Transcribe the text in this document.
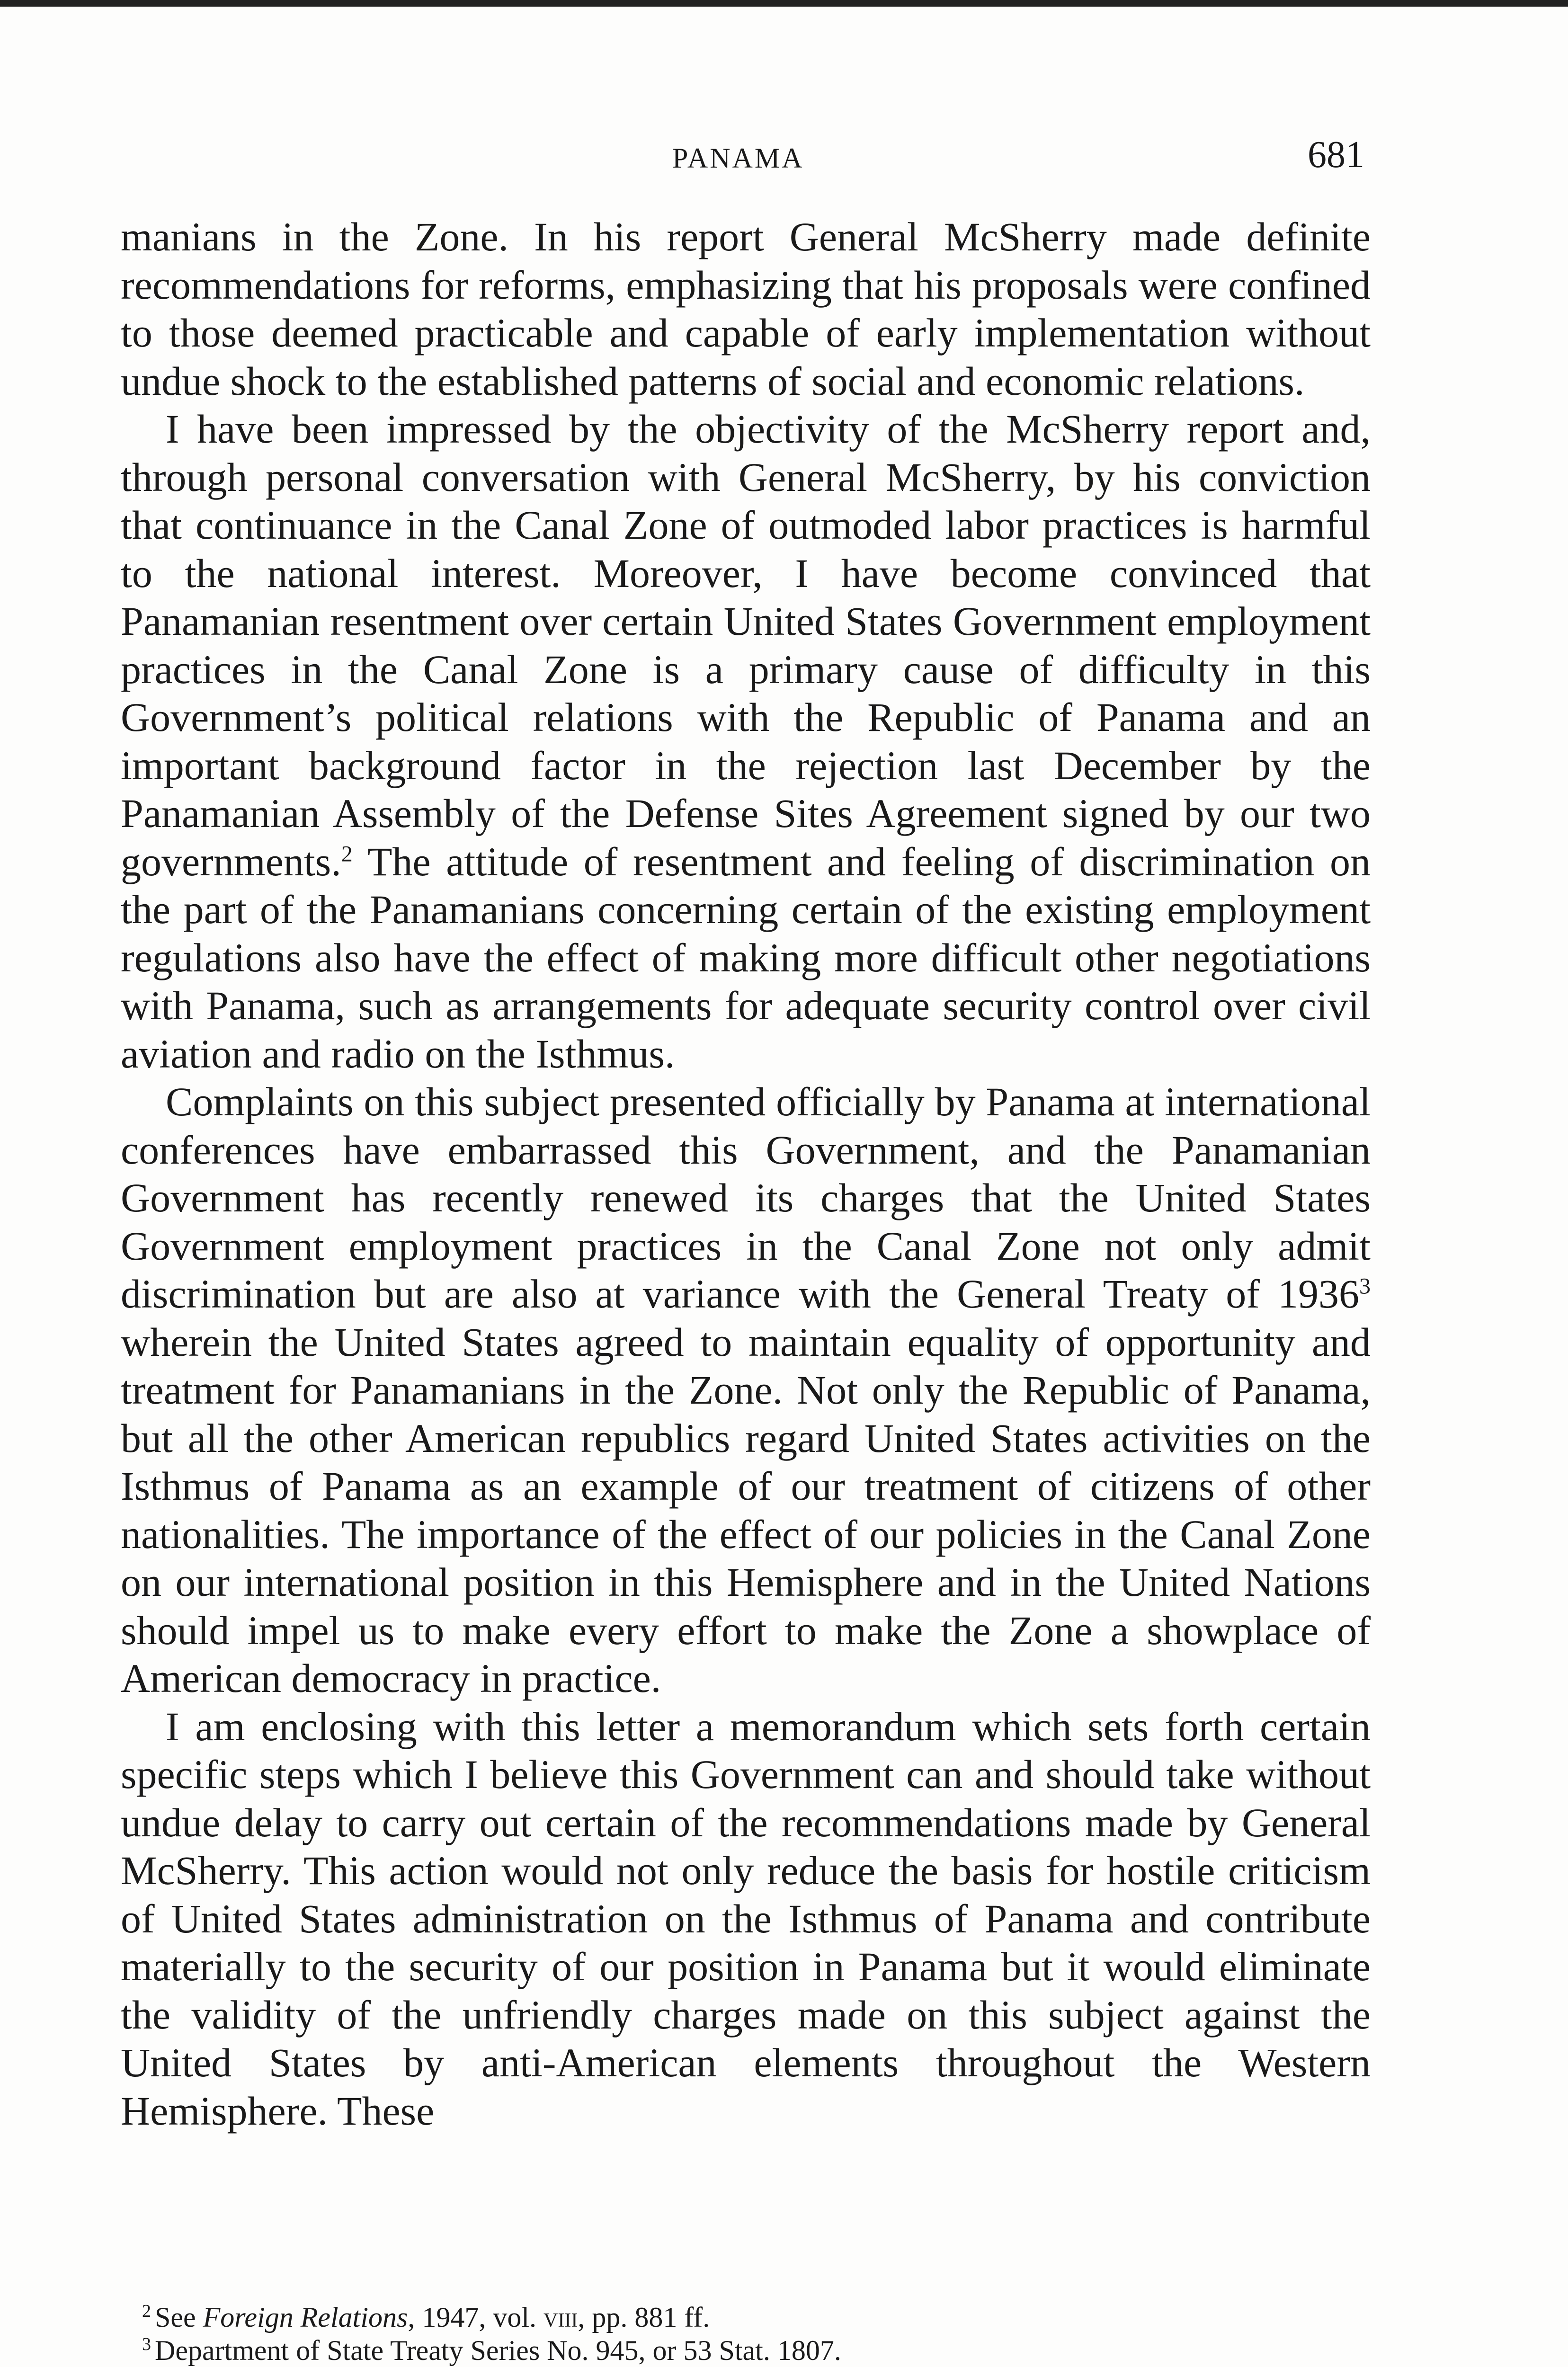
PANAMA	681

manians in the Zone. In his report General McSherry made definite recommendations for reforms, emphasizing that his proposals were confined to those deemed practicable and capable of early implementation without undue shock to the established patterns of social and economic relations.

I have been impressed by the objectivity of the McSherry report and, through personal conversation with General McSherry, by his conviction that continuance in the Canal Zone of outmoded labor practices is harmful to the national interest. Moreover, I have become convinced that Panamanian resentment over certain United States Government employment practices in the Canal Zone is a primary cause of difficulty in this Government’s political relations with the Republic of Panama and an important background factor in the rejection last December by the Panamanian Assembly of the Defense Sites Agreement signed by our two governments.$^2$ The attitude of resentment and feeling of discrimination on the part of the Panamanians concerning certain of the existing employment regulations also have the effect of making more difficult other negotiations with Panama, such as arrangements for adequate security control over civil aviation and radio on the Isthmus.

Complaints on this subject presented officially by Panama at international conferences have embarrassed this Government, and the Panamanian Government has recently renewed its charges that the United States Government employment practices in the Canal Zone not only admit discrimination but are also at variance with the General Treaty of 1936$^3$ wherein the United States agreed to maintain equality of opportunity and treatment for Panamanians in the Zone. Not only the Republic of Panama, but all the other American republics regard United States activities on the Isthmus of Panama as an example of our treatment of citizens of other nationalities. The importance of the effect of our policies in the Canal Zone on our international position in this Hemisphere and in the United Nations should impel us to make every effort to make the Zone a showplace of American democracy in practice.

I am enclosing with this letter a memorandum which sets forth certain specific steps which I believe this Government can and should take without undue delay to carry out certain of the recommendations made by General McSherry. This action would not only reduce the basis for hostile criticism of United States administration on the Isthmus of Panama and contribute materially to the security of our position in Panama but it would eliminate the validity of the unfriendly charges made on this subject against the United States by anti-American elements throughout the Western Hemisphere. These

$^2$ See Foreign Relations, 1947, vol. viii, pp. 881 ff.

$^3$ Department of State Treaty Series No. 945, or 53 Stat. 1807.
